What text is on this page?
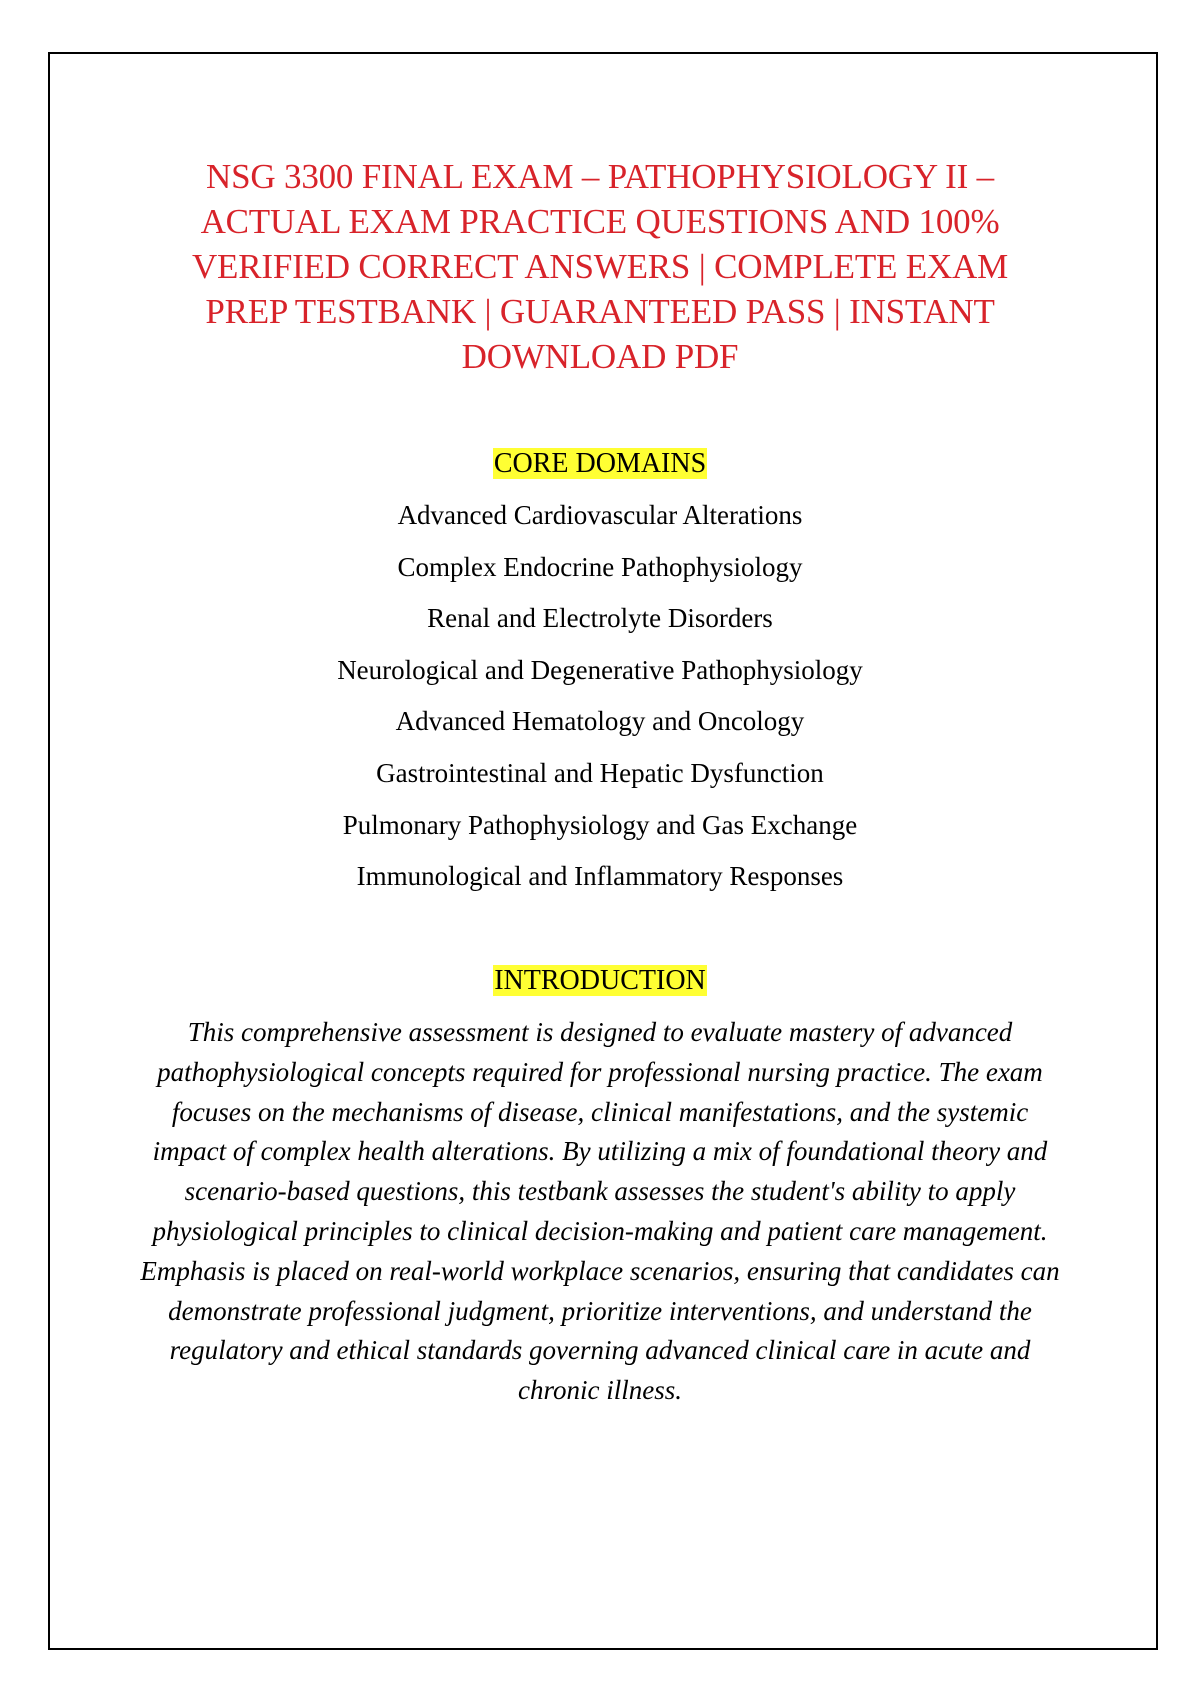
NSG 3300 FINAL EXAM – PATHOPHYSIOLOGY II – ACTUAL EXAM PRACTICE QUESTIONS AND 100% VERIFIED CORRECT ANSWERS | COMPLETE EXAM PREP TESTBANK | GUARANTEED PASS | INSTANT DOWNLOAD PDF
CORE DOMAINS
Advanced Cardiovascular Alterations
Complex Endocrine Pathophysiology
Renal and Electrolyte Disorders
Neurological and Degenerative Pathophysiology
Advanced Hematology and Oncology
Gastrointestinal and Hepatic Dysfunction
Pulmonary Pathophysiology and Gas Exchange
Immunological and Inflammatory Responses
INTRODUCTION

This comprehensive assessment is designed to evaluate mastery of advanced pathophysiological concepts required for professional nursing practice. The exam focuses on the mechanisms of disease, clinical manifestations, and the systemic impact of complex health alterations. By utilizing a mix of foundational theory and scenario-based questions, this testbank assesses the student's ability to apply physiological principles to clinical decision-making and patient care management. Emphasis is placed on real-world workplace scenarios, ensuring that candidates can demonstrate professional judgment, prioritize interventions, and understand the regulatory and ethical standards governing advanced clinical care in acute and chronic illness.
